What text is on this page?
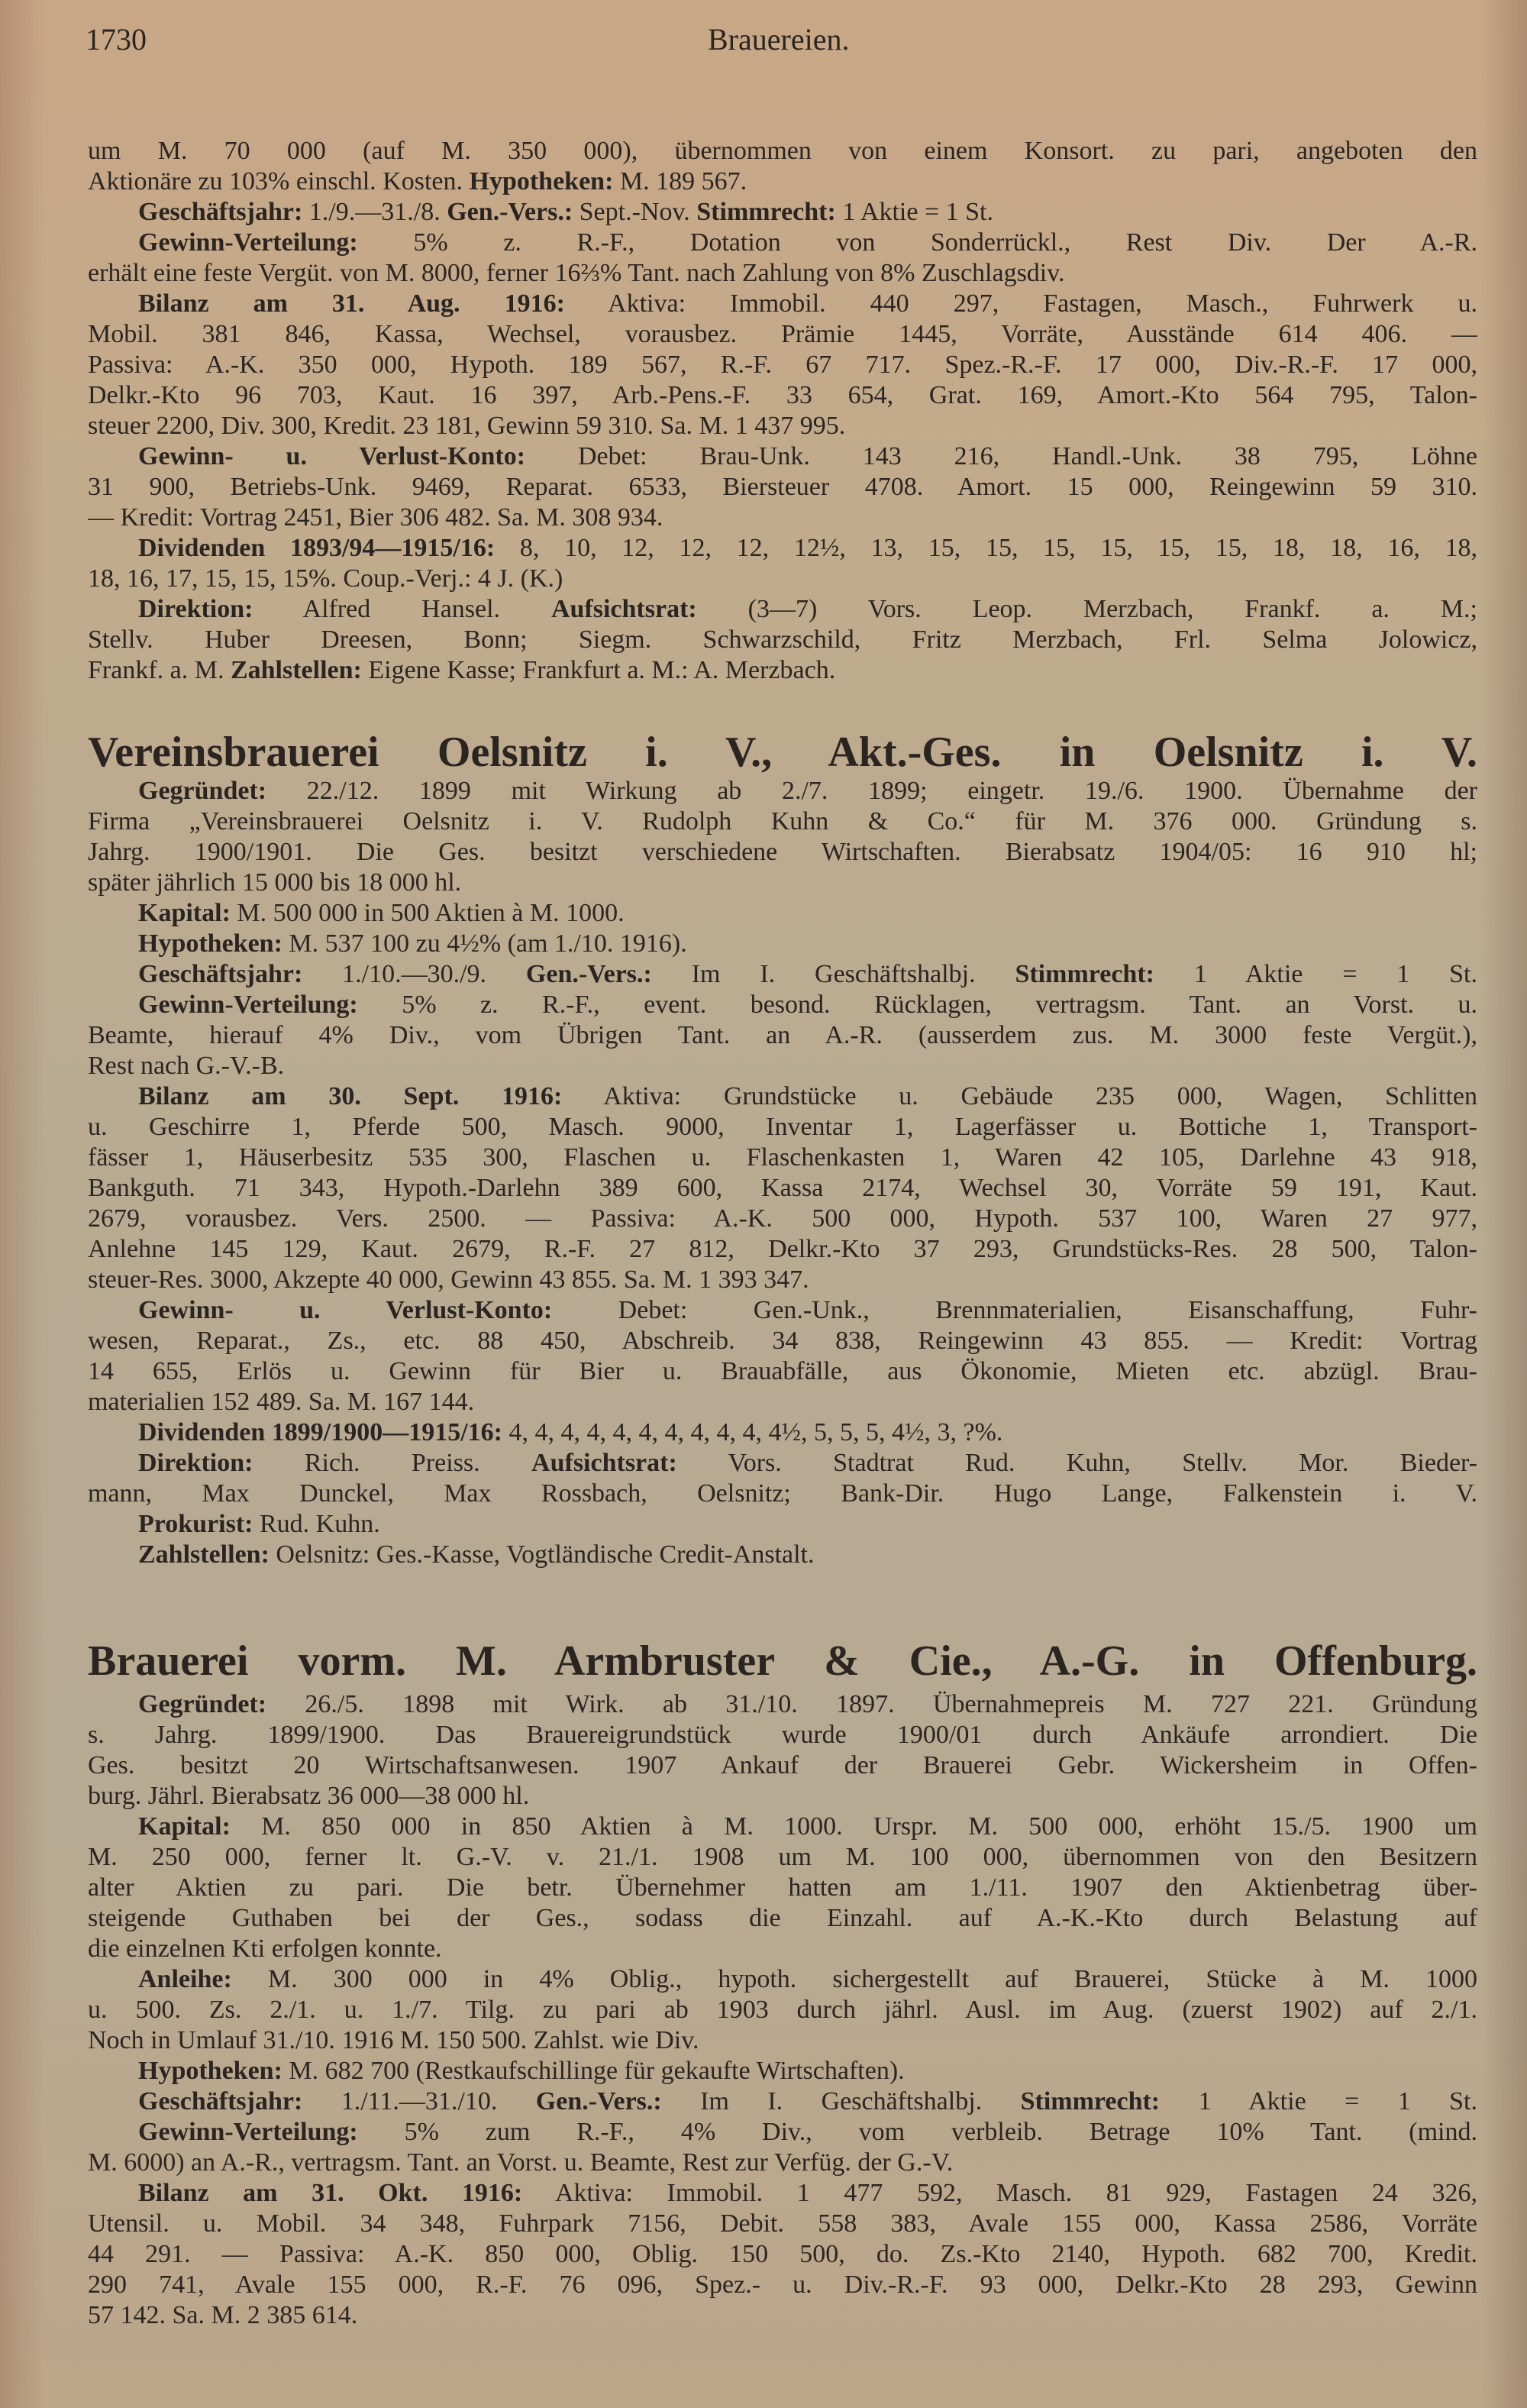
1730	Brauereien.
um M. 70 000 (auf M. 350 000), übernommen von einem Konsort. zu pari, angeboten den
Aktionäre zu 103% einschl. Kosten. Hypotheken: M. 189 567.
Geschäftsjahr: 1./9.—31./8. Gen.-Vers.: Sept.-Nov. Stimmrecht: 1 Aktie = 1 St.
Gewinn-Verteilung: 5% z. R.-F., Dotation von Sonderrückl., Rest Div. Der A.-R.
erhält eine feste Vergüt. von M. 8000, ferner 16⅔% Tant. nach Zahlung von 8% Zuschlagsdiv.
Bilanz am 31. Aug. 1916: Aktiva: Immobil. 440 297, Fastagen, Masch., Fuhrwerk u.
Mobil. 381 846, Kassa, Wechsel, vorausbez. Prämie 1445, Vorräte, Ausstände 614 406. —
Passiva: A.-K. 350 000, Hypoth. 189 567, R.-F. 67 717. Spez.-R.-F. 17 000, Div.-R.-F. 17 000,
Delkr.-Kto 96 703, Kaut. 16 397, Arb.-Pens.-F. 33 654, Grat. 169, Amort.-Kto 564 795, Talon-
steuer 2200, Div. 300, Kredit. 23 181, Gewinn 59 310. Sa. M. 1 437 995.
Gewinn- u. Verlust-Konto: Debet: Brau-Unk. 143 216, Handl.-Unk. 38 795, Löhne
31 900, Betriebs-Unk. 9469, Reparat. 6533, Biersteuer 4708. Amort. 15 000, Reingewinn 59 310.
— Kredit: Vortrag 2451, Bier 306 482. Sa. M. 308 934.
Dividenden 1893/94—1915/16: 8, 10, 12, 12, 12, 12½, 13, 15, 15, 15, 15, 15, 15, 18, 18, 16, 18,
18, 16, 17, 15, 15, 15%. Coup.-Verj.: 4 J. (K.)
Direktion: Alfred Hansel. Aufsichtsrat: (3—7) Vors. Leop. Merzbach, Frankf. a. M.;
Stellv. Huber Dreesen, Bonn; Siegm. Schwarzschild, Fritz Merzbach, Frl. Selma Jolowicz,
Frankf. a. M. Zahlstellen: Eigene Kasse; Frankfurt a. M.: A. Merzbach.
Vereinsbrauerei Oelsnitz i. V., Akt.-Ges. in Oelsnitz i. V.
Gegründet: 22./12. 1899 mit Wirkung ab 2./7. 1899; eingetr. 19./6. 1900. Übernahme der
Firma „Vereinsbrauerei Oelsnitz i. V. Rudolph Kuhn & Co.“ für M. 376 000. Gründung s.
Jahrg. 1900/1901. Die Ges. besitzt verschiedene Wirtschaften. Bierabsatz 1904/05: 16 910 hl;
später jährlich 15 000 bis 18 000 hl.
Kapital: M. 500 000 in 500 Aktien à M. 1000.
Hypotheken: M. 537 100 zu 4½% (am 1./10. 1916).
Geschäftsjahr: 1./10.—30./9. Gen.-Vers.: Im I. Geschäftshalbj. Stimmrecht: 1 Aktie = 1 St.
Gewinn-Verteilung: 5% z. R.-F., event. besond. Rücklagen, vertragsm. Tant. an Vorst. u.
Beamte, hierauf 4% Div., vom Übrigen Tant. an A.-R. (ausserdem zus. M. 3000 feste Vergüt.),
Rest nach G.-V.-B.
Bilanz am 30. Sept. 1916: Aktiva: Grundstücke u. Gebäude 235 000, Wagen, Schlitten
u. Geschirre 1, Pferde 500, Masch. 9000, Inventar 1, Lagerfässer u. Bottiche 1, Transport-
fässer 1, Häuserbesitz 535 300, Flaschen u. Flaschenkasten 1, Waren 42 105, Darlehne 43 918,
Bankguth. 71 343, Hypoth.-Darlehn 389 600, Kassa 2174, Wechsel 30, Vorräte 59 191, Kaut.
2679, vorausbez. Vers. 2500. — Passiva: A.-K. 500 000, Hypoth. 537 100, Waren 27 977,
Anlehne 145 129, Kaut. 2679, R.-F. 27 812, Delkr.-Kto 37 293, Grundstücks-Res. 28 500, Talon-
steuer-Res. 3000, Akzepte 40 000, Gewinn 43 855. Sa. M. 1 393 347.
Gewinn- u. Verlust-Konto: Debet: Gen.-Unk., Brennmaterialien, Eisanschaffung, Fuhr-
wesen, Reparat., Zs., etc. 88 450, Abschreib. 34 838, Reingewinn 43 855. — Kredit: Vortrag
14 655, Erlös u. Gewinn für Bier u. Brauabfälle, aus Ökonomie, Mieten etc. abzügl. Brau-
materialien 152 489. Sa. M. 167 144.
Dividenden 1899/1900—1915/16: 4, 4, 4, 4, 4, 4, 4, 4, 4, 4, 4½, 5, 5, 5, 4½, 3, ?%.
Direktion: Rich. Preiss. Aufsichtsrat: Vors. Stadtrat Rud. Kuhn, Stellv. Mor. Bieder-
mann, Max Dunckel, Max Rossbach, Oelsnitz; Bank-Dir. Hugo Lange, Falkenstein i. V.
Prokurist: Rud. Kuhn.
Zahlstellen: Oelsnitz: Ges.-Kasse, Vogtländische Credit-Anstalt.
Brauerei vorm. M. Armbruster & Cie., A.-G. in Offenburg.
Gegründet: 26./5. 1898 mit Wirk. ab 31./10. 1897. Übernahmepreis M. 727 221. Gründung
s. Jahrg. 1899/1900. Das Brauereigrundstück wurde 1900/01 durch Ankäufe arrondiert. Die
Ges. besitzt 20 Wirtschaftsanwesen. 1907 Ankauf der Brauerei Gebr. Wickersheim in Offen-
burg. Jährl. Bierabsatz 36 000—38 000 hl.
Kapital: M. 850 000 in 850 Aktien à M. 1000. Urspr. M. 500 000, erhöht 15./5. 1900 um
M. 250 000, ferner lt. G.-V. v. 21./1. 1908 um M. 100 000, übernommen von den Besitzern
alter Aktien zu pari. Die betr. Übernehmer hatten am 1./11. 1907 den Aktienbetrag über-
steigende Guthaben bei der Ges., sodass die Einzahl. auf A.-K.-Kto durch Belastung auf
die einzelnen Kti erfolgen konnte.
Anleihe: M. 300 000 in 4% Oblig., hypoth. sichergestellt auf Brauerei, Stücke à M. 1000
u. 500. Zs. 2./1. u. 1./7. Tilg. zu pari ab 1903 durch jährl. Ausl. im Aug. (zuerst 1902) auf 2./1.
Noch in Umlauf 31./10. 1916 M. 150 500. Zahlst. wie Div.
Hypotheken: M. 682 700 (Restkaufschillinge für gekaufte Wirtschaften).
Geschäftsjahr: 1./11.—31./10. Gen.-Vers.: Im I. Geschäftshalbj. Stimmrecht: 1 Aktie = 1 St.
Gewinn-Verteilung: 5% zum R.-F., 4% Div., vom verbleib. Betrage 10% Tant. (mind.
M. 6000) an A.-R., vertragsm. Tant. an Vorst. u. Beamte, Rest zur Verfüg. der G.-V.
Bilanz am 31. Okt. 1916: Aktiva: Immobil. 1 477 592, Masch. 81 929, Fastagen 24 326,
Utensil. u. Mobil. 34 348, Fuhrpark 7156, Debit. 558 383, Avale 155 000, Kassa 2586, Vorräte
44 291. — Passiva: A.-K. 850 000, Oblig. 150 500, do. Zs.-Kto 2140, Hypoth. 682 700, Kredit.
290 741, Avale 155 000, R.-F. 76 096, Spez.- u. Div.-R.-F. 93 000, Delkr.-Kto 28 293, Gewinn
57 142. Sa. M. 2 385 614.
